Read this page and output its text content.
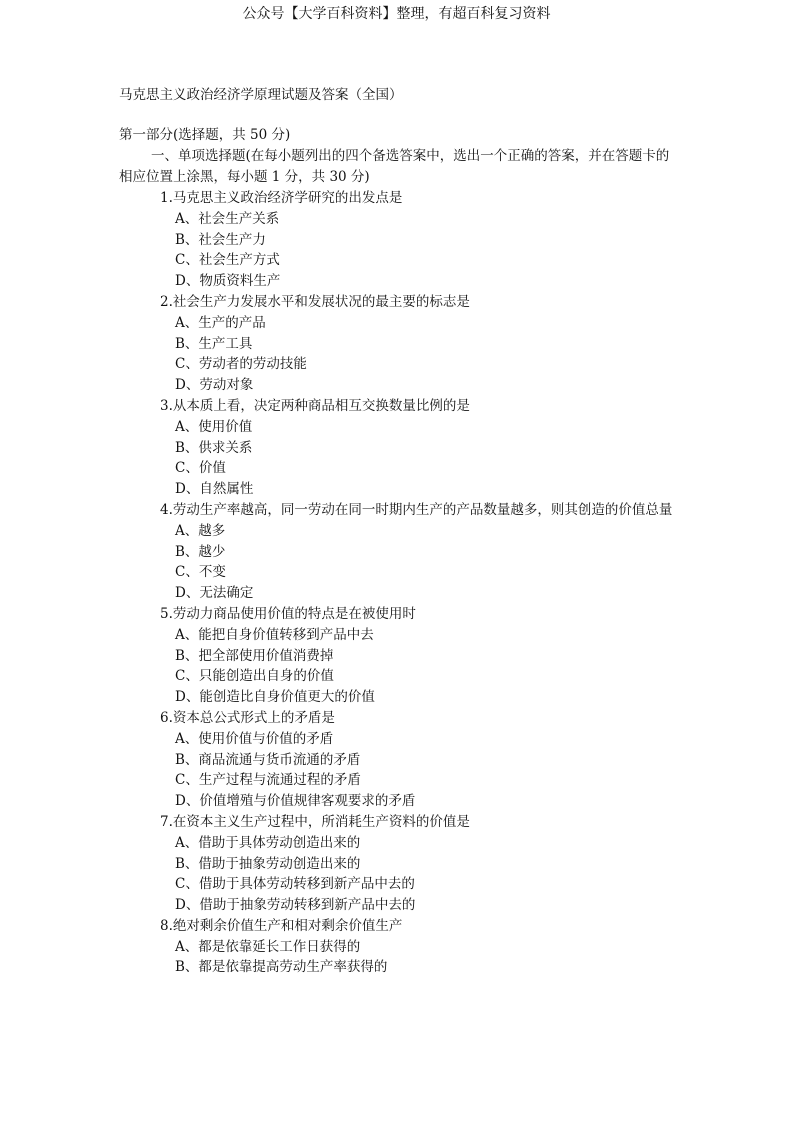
公众号【大学百科资料】整理，有超百科复习资料
马克思主义政治经济学原理试题及答案（全国）
第一部分(选择题，共 50 分)
一、单项选择题(在每小题列出的四个备选答案中，选出一个正确的答案，并在答题卡的相应位置上涂黑，每小题 1 分，共 30 分)
1.马克思主义政治经济学研究的出发点是
A、社会生产关系
B、社会生产力
C、社会生产方式
D、物质资料生产
2.社会生产力发展水平和发展状况的最主要的标志是
A、生产的产品
B、生产工具
C、劳动者的劳动技能
D、劳动对象
3.从本质上看，决定两种商品相互交换数量比例的是
A、使用价值
B、供求关系
C、价值
D、自然属性
4.劳动生产率越高，同一劳动在同一时期内生产的产品数量越多，则其创造的价值总量
A、越多
B、越少
C、不变
D、无法确定
5.劳动力商品使用价值的特点是在被使用时
A、能把自身价值转移到产品中去
B、把全部使用价值消费掉
C、只能创造出自身的价值
D、能创造比自身价值更大的价值
6.资本总公式形式上的矛盾是
A、使用价值与价值的矛盾
B、商品流通与货币流通的矛盾
C、生产过程与流通过程的矛盾
D、价值增殖与价值规律客观要求的矛盾
7.在资本主义生产过程中，所消耗生产资料的价值是
A、借助于具体劳动创造出来的
B、借助于抽象劳动创造出来的
C、借助于具体劳动转移到新产品中去的
D、借助于抽象劳动转移到新产品中去的
8.绝对剩余价值生产和相对剩余价值生产
A、都是依靠延长工作日获得的
B、都是依靠提高劳动生产率获得的
